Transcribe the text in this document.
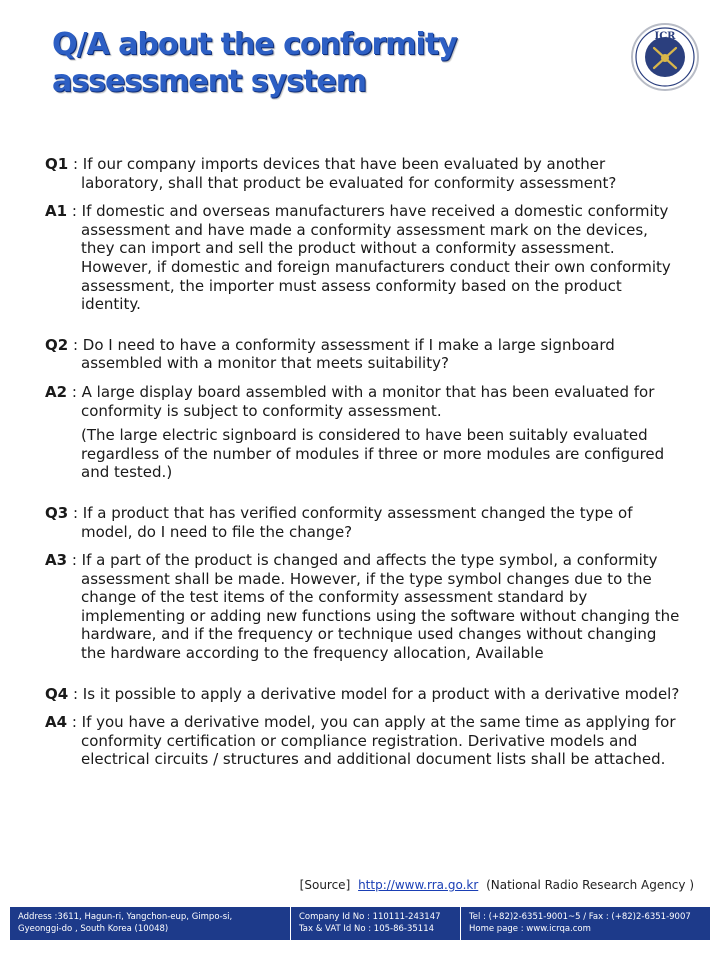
Q/A about the conformity
assessment system
ICR

Q1 : If our company imports devices that have been evaluated by another laboratory, shall that product be evaluated for conformity assessment?

A1 : If domestic and overseas manufacturers have received a domestic conformity assessment and have made a conformity assessment mark on the devices, they can import and sell the product without a conformity assessment. However, if domestic and foreign manufacturers conduct their own conformity assessment, the importer must assess conformity based on the product identity.

Q2 : Do I need to have a conformity assessment if I make a large signboard assembled with a monitor that meets suitability?

A2 : A large display board assembled with a monitor that has been evaluated for conformity is subject to conformity assessment.

(The large electric signboard is considered to have been suitably evaluated regardless of the number of modules if three or more modules are configured and tested.)

Q3 : If a product that has verified conformity assessment changed the type of model, do I need to file the change?

A3 : If a part of the product is changed and affects the type symbol, a conformity assessment shall be made. However, if the type symbol changes due to the change of the test items of the conformity assessment standard by implementing or adding new functions using the software without changing the hardware, and if the frequency or technique used changes without changing the hardware according to the frequency allocation, Available

Q4 : Is it possible to apply a derivative model for a product with a derivative model?

A4 : If you have a derivative model, you can apply at the same time as applying for conformity certification or compliance registration. Derivative models and electrical circuits / structures and additional document lists shall be attached.

[Source] http://www.rra.go.kr (National Radio Research Agency )
Address :3611, Hagun-ri, Yangchon-eup, Gimpo-si,
Gyeonggi-do , South Korea (10048)
Company Id No : 110111-243147
Tax & VAT Id No : 105-86-35114
Tel : (+82)2-6351-9001~5 / Fax : (+82)2-6351-9007
Home page : www.icrqa.com
